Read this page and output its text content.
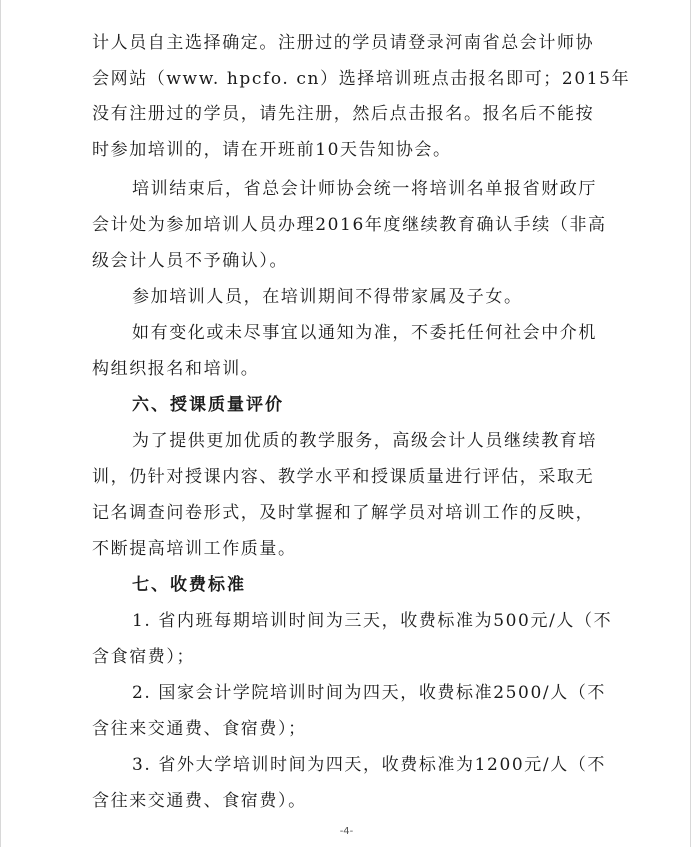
计人员自主选择确定。注册过的学员请登录河南省总会计师协
会网站（www. hpcfo. cn）选择培训班点击报名即可；2015年
没有注册过的学员，请先注册，然后点击报名。报名后不能按
时参加培训的，请在开班前10天告知协会。
培训结束后，省总会计师协会统一将培训名单报省财政厅
会计处为参加培训人员办理2016年度继续教育确认手续（非高
级会计人员不予确认）。
参加培训人员，在培训期间不得带家属及子女。
如有变化或未尽事宜以通知为准，不委托任何社会中介机
构组织报名和培训。
六、授课质量评价
为了提供更加优质的教学服务，高级会计人员继续教育培
训，仍针对授课内容、教学水平和授课质量进行评估，采取无
记名调查问卷形式，及时掌握和了解学员对培训工作的反映，
不断提高培训工作质量。
七、收费标准
1. 省内班每期培训时间为三天，收费标准为500元/人（不
含食宿费）；
2. 国家会计学院培训时间为四天，收费标准2500/人（不
含往来交通费、食宿费）；
3. 省外大学培训时间为四天，收费标准为1200元/人（不
含往来交通费、食宿费）。
-4-
